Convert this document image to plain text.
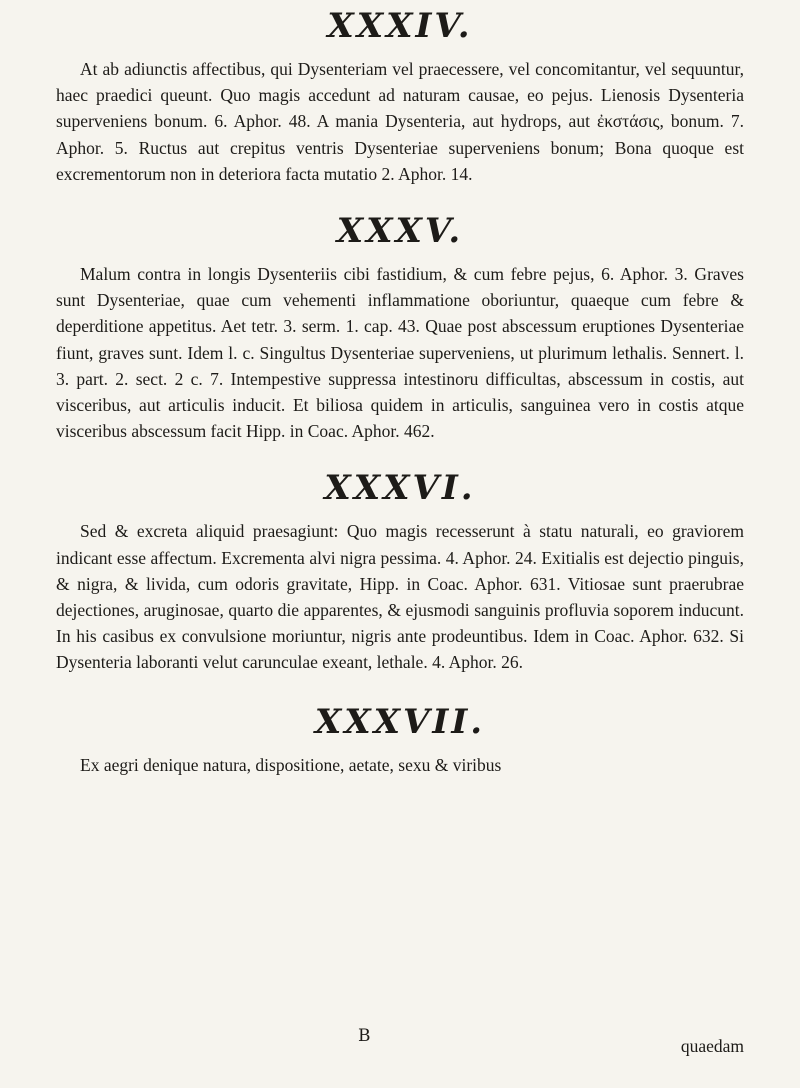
XXXIV.

At ab adiunctis affectibus, qui Dysenteriam vel praecessere, vel concomitantur, vel sequuntur, haec praedici queunt. Quo magis accedunt ad naturam causae, eo pejus. Lienosis Dysenteria superveniens bonum. 6. Aphor. 48. A mania Dysenteria, aut hydrops, aut ἐκστάσις, bonum. 7. Aphor. 5. Ructus aut crepitus ventris Dysenteriae superveniens bonum; Bona quoque est excrementorum non in deteriora facta mutatio 2. Aphor. 14.

XXXV.

Malum contra in longis Dysenteriis cibi fastidium, & cum febre pejus, 6. Aphor. 3. Graves sunt Dysenteriae, quae cum vehementi inflammatione oboriuntur, quaeque cum febre & deperditione appetitus. Aet tetr. 3. serm. 1. cap. 43. Quae post abscessum eruptiones Dysenteriae fiunt, graves sunt. Idem l. c. Singultus Dysenteriae superveniens, ut plurimum lethalis. Sennert. l. 3. part. 2. sect. 2 c. 7. Intempestive suppressa intestinoru difficultas, abscessum in costis, aut visceribus, aut articulis inducit. Et biliosa quidem in articulis, sanguinea vero in costis atque visceribus abscessum facit Hipp. in Coac. Aphor. 462.

XXXVI.

Sed & excreta aliquid praesagiunt: Quo magis recesserunt à statu naturali, eo graviorem indicant esse affectum. Excrementa alvi nigra pessima. 4. Aphor. 24. Exitialis est dejectio pinguis, & nigra, & livida, cum odoris gravitate, Hipp. in Coac. Aphor. 631. Vitiosae sunt praerubrae dejectiones, aruginosae, quarto die apparentes, & ejusmodi sanguinis profluvia soporem inducunt. In his casibus ex convulsione moriuntur, nigris ante prodeuntibus. Idem in Coac. Aphor. 632. Si Dysenteria laboranti velut carunculae exeant, lethale. 4. Aphor. 26.

XXXVII.

Ex aegri denique natura, dispositione, aetate, sexu & viribus

B	quaedam
